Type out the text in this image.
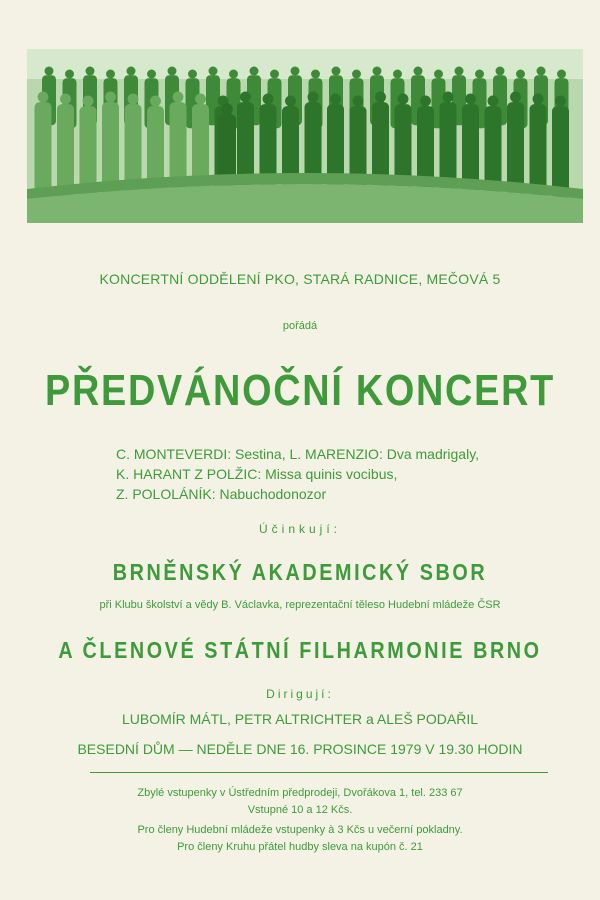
KONCERTNÍ ODDĚLENÍ PKO, STARÁ RADNICE, MEČOVÁ 5
pořádá
PŘEDVÁNOČNÍ KONCERT
C. MONTEVERDI: Sestina, L. MARENZIO: Dva madrigaly,
K. HARANT Z POLŽIC: Missa quinis vocibus,
Z. POLOLÁNÍK: Nabuchodonozor
Účinkují:
BRNĚNSKÝ AKADEMICKÝ SBOR
při Klubu školství a vědy B. Václavka, reprezentační těleso Hudební mládeže ČSR
A ČLENOVÉ STÁTNÍ FILHARMONIE BRNO
Dirigují:
LUBOMÍR MÁTL, PETR ALTRICHTER a ALEŠ PODAŘIL
BESEDNÍ DŮM — NEDĚLE DNE 16. PROSINCE 1979 V 19.30 HODIN
Zbylé vstupenky v Ústředním předprodeji, Dvořákova 1, tel. 233 67
Vstupné 10 a 12 Kčs.
Pro členy Hudební mládeže vstupenky à 3 Kčs u večerní pokladny.
Pro členy Kruhu přátel hudby sleva na kupón č. 21
